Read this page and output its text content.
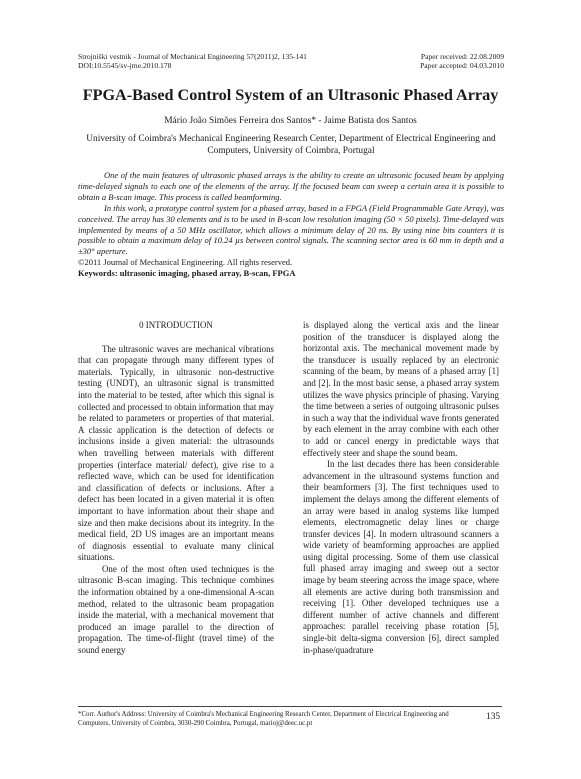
Strojniški vestnik - Journal of Mechanical Engineering 57(2011)2, 135-141
DOI:10.5545/sv-jme.2010.178
Paper received: 22.08.2009
Paper accepted: 04.03.2010
FPGA-Based Control System of an Ultrasonic Phased Array
Mário João Simões Ferreira dos Santos* - Jaime Batista dos Santos
University of Coimbra's Mechanical Engineering Research Center, Department of Electrical Engineering and Computers, University of Coimbra, Portugal

One of the main features of ultrasonic phased arrays is the ability to create an ultrasonic focused beam by applying time-delayed signals to each one of the elements of the array. If the focused beam can sweep a certain area it is possible to obtain a B-scan image. This process is called beamforming.

In this work, a prototype control system for a phased array, based in a FPGA (Field Programmable Gate Array), was conceived. The array has 30 elements and is to be used in B-scan low resolution imaging (50 × 50 pixels). Time-delayed was implemented by means of a 50 MHz oscillator, which allows a minimum delay of 20 ns. By using nine bits counters it is possible to obtain a maximum delay of 10.24 µs between control signals. The scanning sector area is 60 mm in depth and a ±30° aperture.

©2011 Journal of Mechanical Engineering. All rights reserved.

Keywords: ultrasonic imaging, phased array, B-scan, FPGA

0 INTRODUCTION

The ultrasonic waves are mechanical vibrations that can propagate through many different types of materials. Typically, in ultrasonic non-destructive testing (UNDT), an ultrasonic signal is transmitted into the material to be tested, after which this signal is collected and processed to obtain information that may be related to parameters or properties of that material. A classic application is the detection of defects or inclusions inside a given material: the ultrasounds when travelling between materials with different properties (interface material/ defect), give rise to a reflected wave, which can be used for identification and classification of defects or inclusions. After a defect has been located in a given material it is often important to have information about their shape and size and then make decisions about its integrity. In the medical field, 2D US images are an important means of diagnosis essential to evaluate many clinical situations.

One of the most often used techniques is the ultrasonic B-scan imaging. This technique combines the information obtained by a one-dimensional A-scan method, related to the ultrasonic beam propagation inside the material, with a mechanical movement that produced an image parallel to the direction of propagation. The time-of-flight (travel time) of the sound energy

is displayed along the vertical axis and the linear position of the transducer is displayed along the horizontal axis. The mechanical movement made by the transducer is usually replaced by an electronic scanning of the beam, by means of a phased array [1] and [2]. In the most basic sense, a phased array system utilizes the wave physics principle of phasing. Varying the time between a series of outgoing ultrasonic pulses in such a way that the individual wave fronts generated by each element in the array combine with each other to add or cancel energy in predictable ways that effectively steer and shape the sound beam.

In the last decades there has been considerable advancement in the ultrasound systems function and their beamformers [3]. The first techniques used to implement the delays among the different elements of an array were based in analog systems like lumped elements, electromagnetic delay lines or charge transfer devices [4]. In modern ultrasound scanners a wide variety of beamforming approaches are applied using digital processing. Some of them use classical full phased array imaging and sweep out a sector image by beam steering across the image space, where all elements are active during both transmission and receiving [1]. Other developed techniques use a different number of active channels and different approaches: parallel receiving phase rotation [5], single-bit delta-sigma conversion [6], direct sampled in-phase/quadrature

*Corr. Author's Address: University of Coimbra's Mechanical Engineering Research Center, Department of Electrical Engineering and Computers, University of Coimbra, 3030-290 Coimbra, Portugal, marioj@deec.uc.pt
135
